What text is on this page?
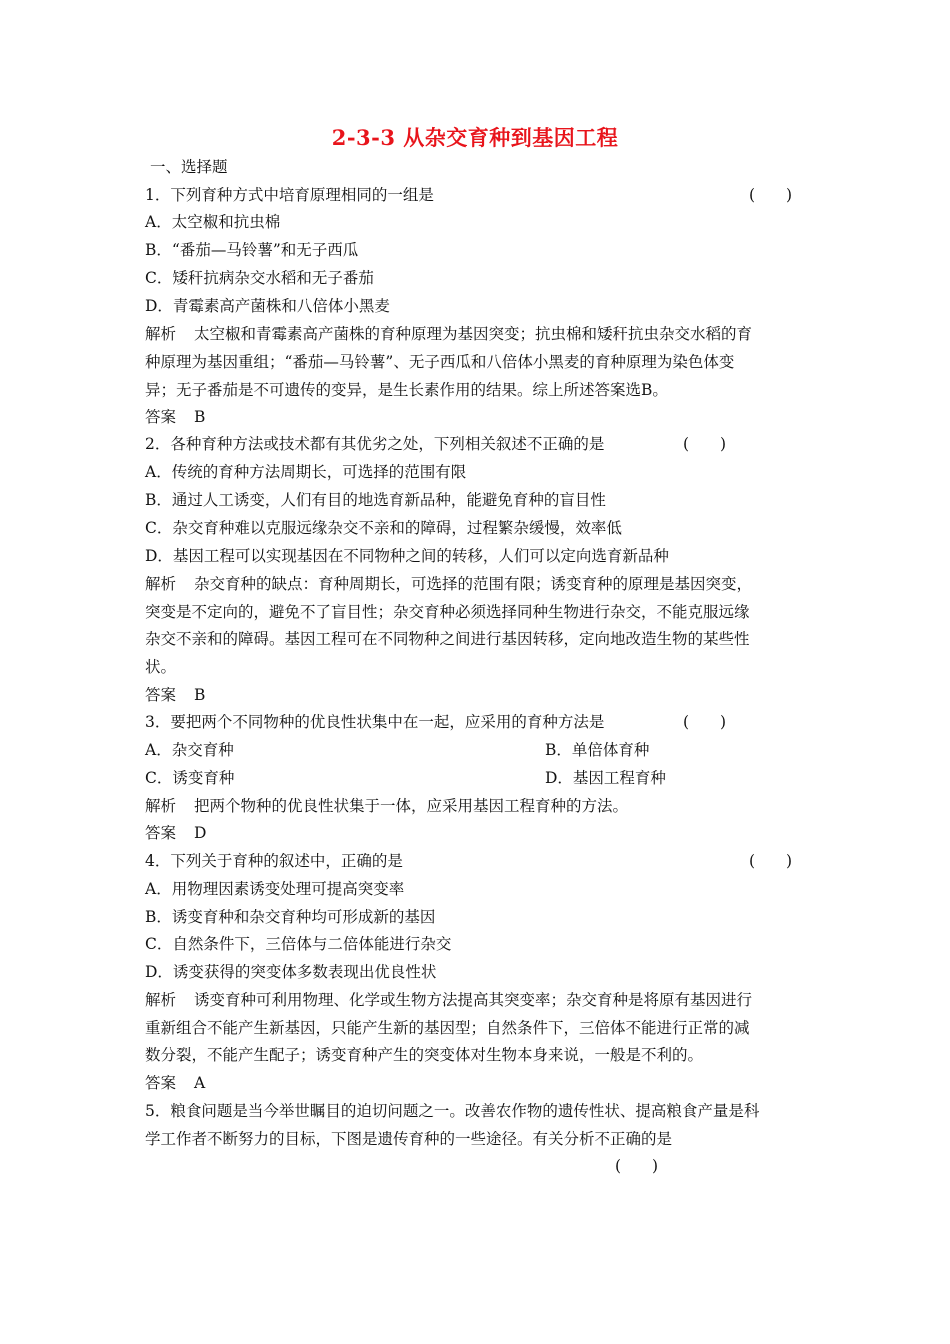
2-3-3 从杂交育种到基因工程
一、选择题
1．下列育种方式中培育原理相同的一组是	(　　)
A．太空椒和抗虫棉
B．“番茄—马铃薯”和无子西瓜
C．矮秆抗病杂交水稻和无子番茄
D．青霉素高产菌株和八倍体小黑麦
解析 太空椒和青霉素高产菌株的育种原理为基因突变；抗虫棉和矮秆抗虫杂交水稻的育
种原理为基因重组；“番茄—马铃薯”、无子西瓜和八倍体小黑麦的育种原理为染色体变
异；无子番茄是不可遗传的变异，是生长素作用的结果。综上所述答案选B。
答案 B
2．各种育种方法或技术都有其优劣之处，下列相关叙述不正确的是	(　　)
A．传统的育种方法周期长，可选择的范围有限
B．通过人工诱变，人们有目的地选育新品种，能避免育种的盲目性
C．杂交育种难以克服远缘杂交不亲和的障碍，过程繁杂缓慢，效率低
D．基因工程可以实现基因在不同物种之间的转移，人们可以定向选育新品种
解析 杂交育种的缺点：育种周期长，可选择的范围有限；诱变育种的原理是基因突变，
突变是不定向的，避免不了盲目性；杂交育种必须选择同种生物进行杂交，不能克服远缘
杂交不亲和的障碍。基因工程可在不同物种之间进行基因转移，定向地改造生物的某些性
状。
答案 B
3．要把两个不同物种的优良性状集中在一起，应采用的育种方法是	(　　)
A．杂交育种	B．单倍体育种
C．诱变育种	D．基因工程育种
解析 把两个物种的优良性状集于一体，应采用基因工程育种的方法。
答案 D
4．下列关于育种的叙述中，正确的是	(　　)
A．用物理因素诱变处理可提高突变率
B．诱变育种和杂交育种均可形成新的基因
C．自然条件下，三倍体与二倍体能进行杂交
D．诱变获得的突变体多数表现出优良性状
解析 诱变育种可利用物理、化学或生物方法提高其突变率；杂交育种是将原有基因进行
重新组合不能产生新基因，只能产生新的基因型；自然条件下，三倍体不能进行正常的减
数分裂，不能产生配子；诱变育种产生的突变体对生物本身来说，一般是不利的。
答案 A
5．粮食问题是当今举世瞩目的迫切问题之一。改善农作物的遗传性状、提高粮食产量是科
学工作者不断努力的目标，下图是遗传育种的一些途径。有关分析不正确的是
(　　)
